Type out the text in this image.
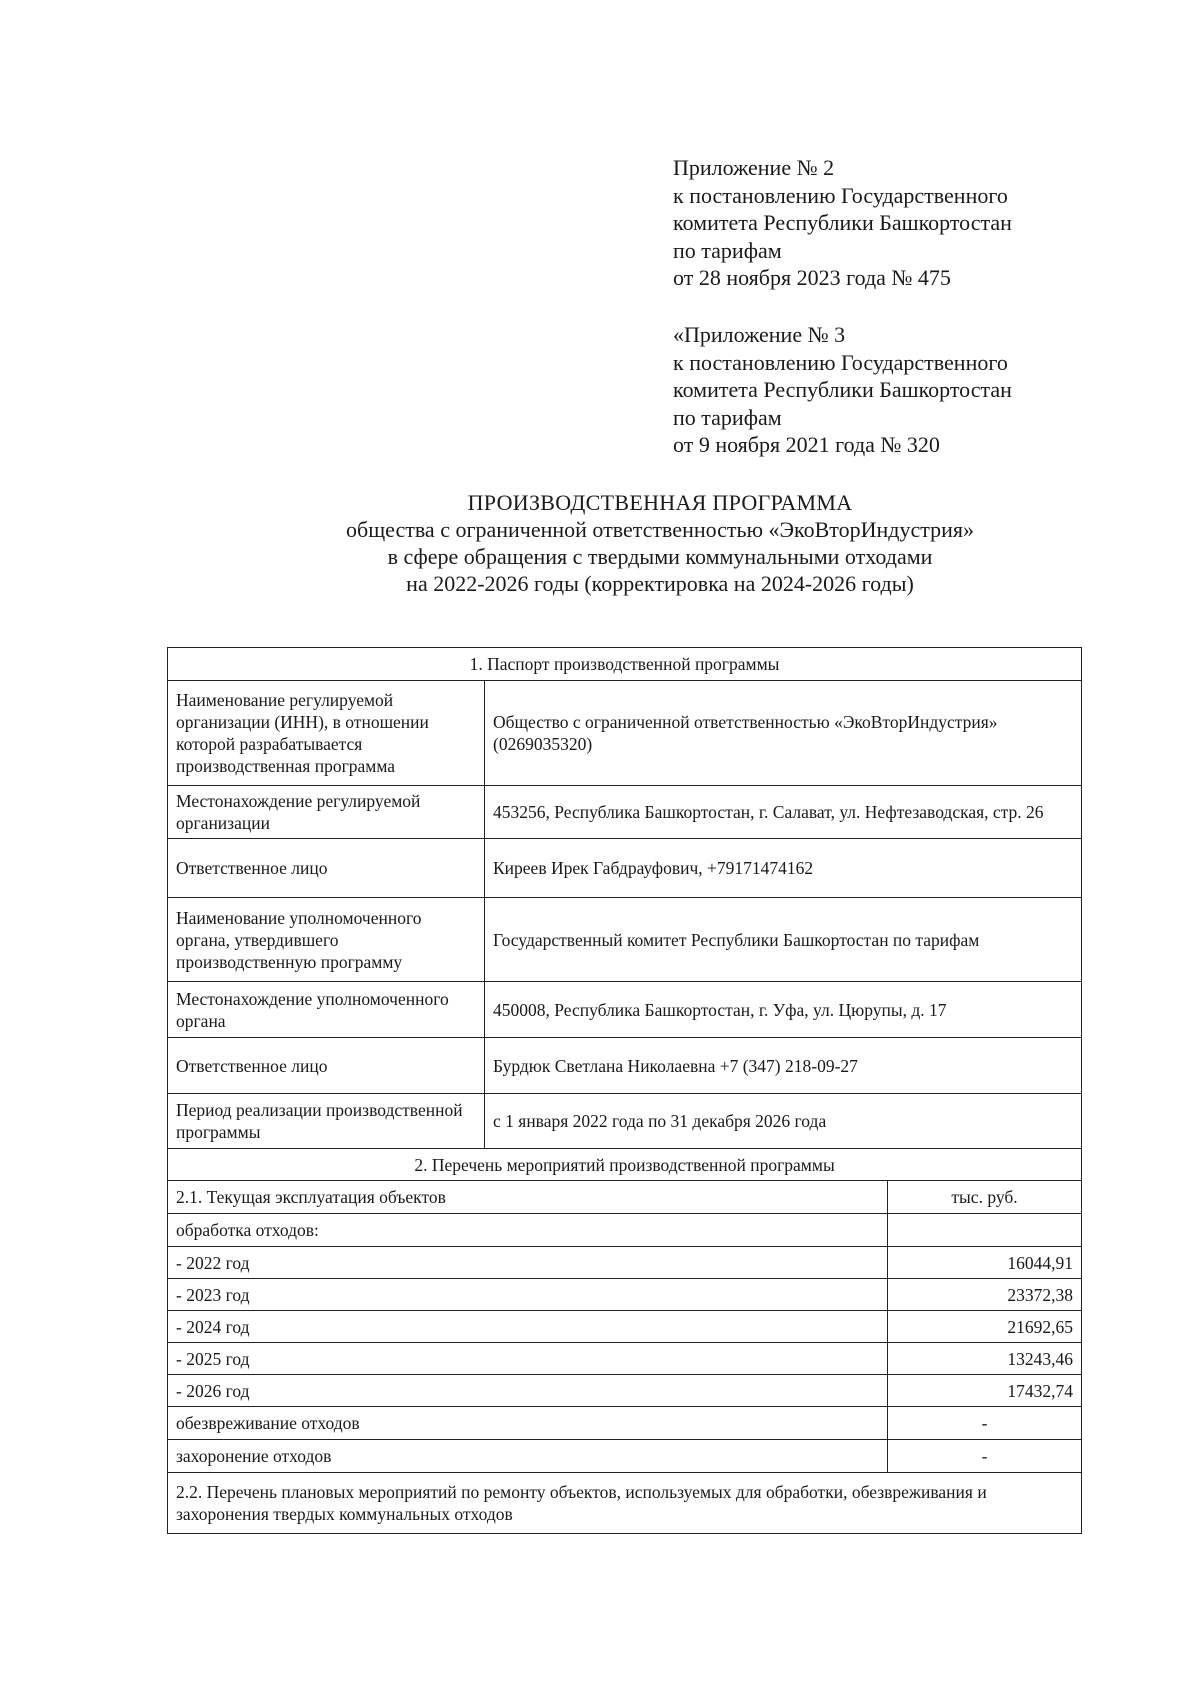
Приложение № 2
к постановлению Государственного
комитета Республики Башкортостан
по тарифам
от 28 ноября 2023 года № 475
«Приложение № 3
к постановлению Государственного
комитета Республики Башкортостан
по тарифам
от 9 ноября 2021 года № 320
ПРОИЗВОДСТВЕННАЯ ПРОГРАММА
общества с ограниченной ответственностью «ЭкоВторИндустрия»
в сфере обращения с твердыми коммунальными отходами
на 2022-2026 годы (корректировка на 2024-2026 годы)
1. Паспорт производственной программы		
Наименование регулируемой организации (ИНН), в отношении которой разрабатывается производственная программа	Общество с ограниченной ответственностью «ЭкоВторИндустрия» (0269035320)	
Местонахождение регулируемой организации	453256, Республика Башкортостан, г. Салават, ул. Нефтезаводская, стр. 26	
Ответственное лицо	Киреев Ирек Габдрауфович, +79171474162	
Наименование уполномоченного органа, утвердившего производственную программу	Государственный комитет Республики Башкортостан по тарифам	
Местонахождение уполномоченного органа	450008, Республика Башкортостан, г. Уфа, ул. Цюрупы, д. 17	
Ответственное лицо	Бурдюк Светлана Николаевна +7 (347) 218-09-27	
Период реализации производственной программы	с 1 января 2022 года по 31 декабря 2026 года	
2. Перечень мероприятий производственной программы		
2.1. Текущая эксплуатация объектов		тыс. руб.
обработка отходов:		
- 2022 год		16044,91
- 2023 год		23372,38
- 2024 год		21692,65
- 2025 год		13243,46
- 2026 год		17432,74
обезвреживание отходов		-
захоронение отходов		-
2.2. Перечень плановых мероприятий по ремонту объектов, используемых для обработки, обезвреживания и захоронения твердых коммунальных отходов		
